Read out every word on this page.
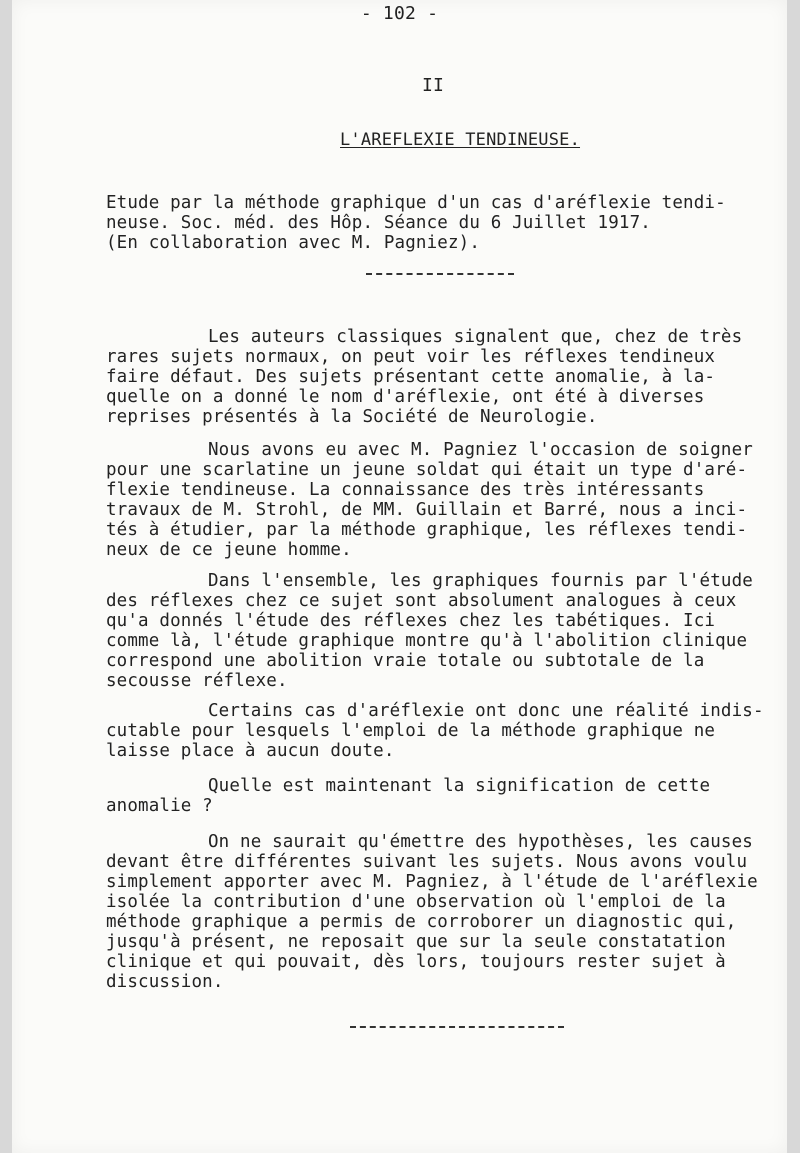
- 102 -
II
L'AREFLEXIE TENDINEUSE.
Etude par la méthode graphique d'un cas d'aréflexie tendi-
neuse. Soc. méd. des Hôp. Séance du 6 Juillet 1917.
(En collaboration avec M. Pagniez).
Les auteurs classiques signalent que, chez de très
rares sujets normaux, on peut voir les réflexes tendineux
faire défaut. Des sujets présentant cette anomalie, à la-
quelle on a donné le nom d'aréflexie, ont été à diverses
reprises présentés à la Société de Neurologie.
Nous avons eu avec M. Pagniez l'occasion de soigner
pour une scarlatine un jeune soldat qui était un type d'aré-
flexie tendineuse. La connaissance des très intéressants
travaux de M. Strohl, de MM. Guillain et Barré, nous a inci-
tés à étudier, par la méthode graphique, les réflexes tendi-
neux de ce jeune homme.
Dans l'ensemble, les graphiques fournis par l'étude
des réflexes chez ce sujet sont absolument analogues à ceux
qu'a donnés l'étude des réflexes chez les tabétiques. Ici
comme là, l'étude graphique montre qu'à l'abolition clinique
correspond une abolition vraie totale ou subtotale de la
secousse réflexe.
Certains cas d'aréflexie ont donc une réalité indis-
cutable pour lesquels l'emploi de la méthode graphique ne
laisse place à aucun doute.
Quelle est maintenant la signification de cette
anomalie ?
On ne saurait qu'émettre des hypothèses, les causes
devant être différentes suivant les sujets. Nous avons voulu
simplement apporter avec M. Pagniez, à l'étude de l'aréflexie
isolée la contribution d'une observation où l'emploi de la
méthode graphique a permis de corroborer un diagnostic qui,
jusqu'à présent, ne reposait que sur la seule constatation
clinique et qui pouvait, dès lors, toujours rester sujet à
discussion.
